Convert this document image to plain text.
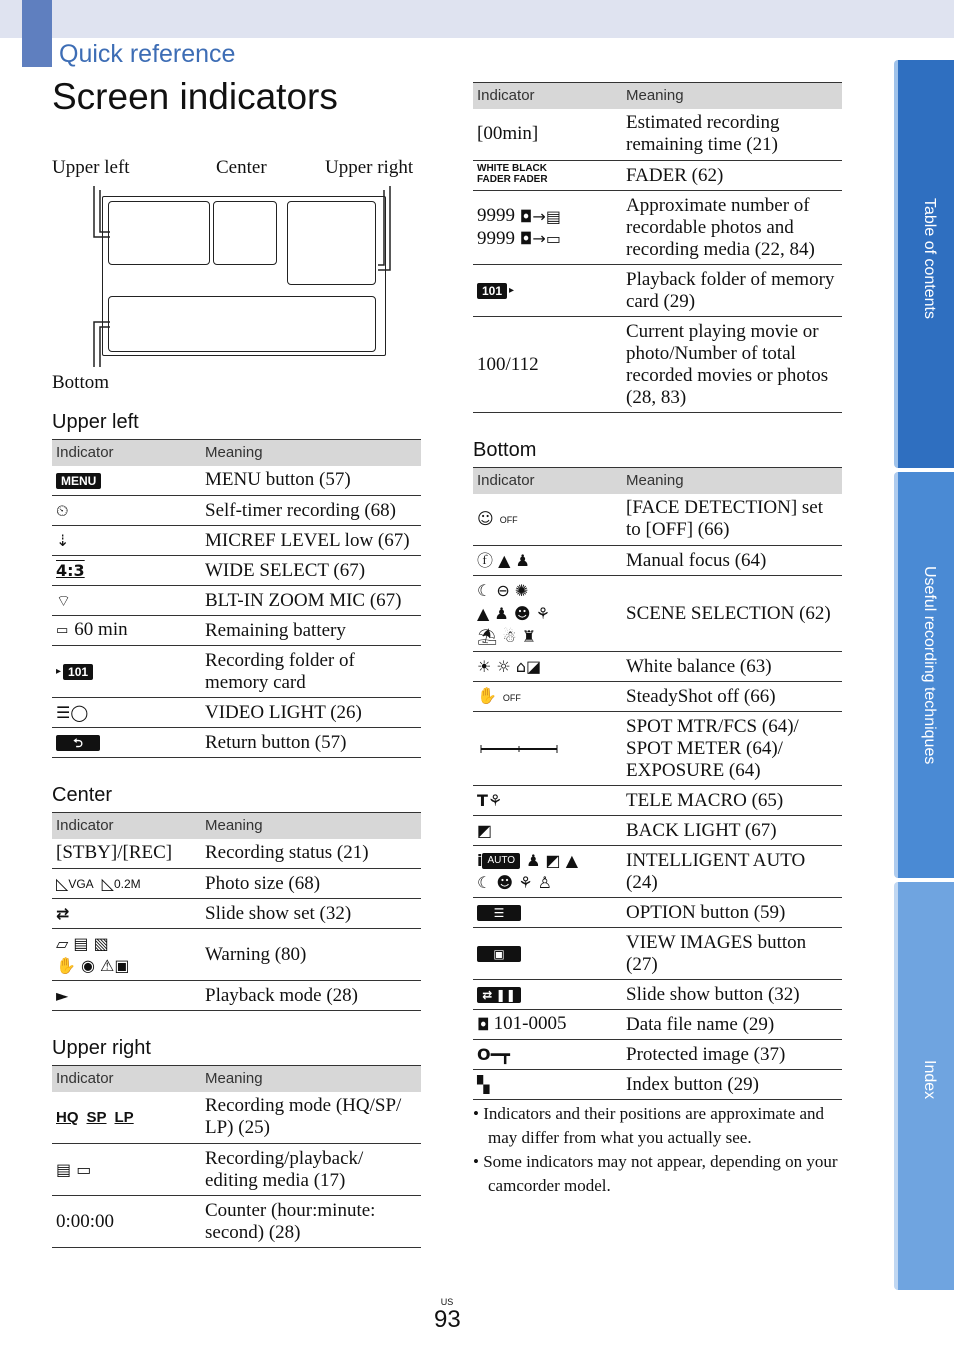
Quick reference
Screen indicators
Upper left	Center	Upper right
Bottom
Upper left
Indicator	Meaning
MENU	MENU button (57)
⏲	Self-timer recording (68)
⇣	MICREF LEVEL low (67)
4:3	WIDE SELECT (67)
⌔	BLT-IN ZOOM MIC (67)
▭ 60 min	Remaining battery
▸ 101	Recording folder of memory card
☰◯	VIDEO LIGHT (26)
⮌	Return button (57)
Center
Indicator	Meaning
[STBY]/[REC]	Recording status (21)
◺VGA ◺0.2M	Photo size (68)
⇄	Slide show set (32)

▱ ▤ ▧
✋ ◉ ⚠▣	Warning (80)
►	Playback mode (28)
Upper right
Indicator	Meaning
HQ SP LP	Recording mode (HQ/SP/ LP) (25)
▤ ▭	Recording/playback/ editing media (17)
0:00:00	Counter (hour:minute: second) (28)
Indicator	Meaning
[00min]	Estimated recording remaining time (21)
WHITE BLACK
FADER FADER	FADER (62)

9999 ◘→▤
9999 ◘→▭	Approximate number of recordable photos and recording media (22, 84)
101 ▸	Playback folder of memory card (29)
100/112	Current playing movie or photo/Number of total recorded movies or photos (28, 83)
Bottom
Indicator	Meaning
☺ OFF	[FACE DETECTION] set to [OFF] (66)
ⓕ ▲ ♟	Manual focus (64)
☾ ⊖ ✺
▲ ♟ ☻ ⚘
⛱ ☃ ♜	SCENE SELECTION (62)
☀ ☼ ⌂◪	White balance (63)
✋ OFF	SteadyShot off (66)
	SPOT MTR/FCS (64)/ SPOT METER (64)/ EXPOSURE (64)
T⚘	TELE MACRO (65)
◩	BACK LIGHT (67)

i AUTO ♟ ◩ ▲
☾ ☻ ⚘ ♙	INTELLIGENT AUTO (24)
☰	OPTION button (59)
▣	VIEW IMAGES button (27)
⇄ ❚❚	Slide show button (32)
◘ 101-0005	Data file name (29)
O━┳	Protected image (37)
▚	Index button (29)
• Indicators and their positions are approximate and may differ from what you actually see.
• Some indicators may not appear, depending on your camcorder model.
Table of contents
Useful recording techniques
Index
US
93
